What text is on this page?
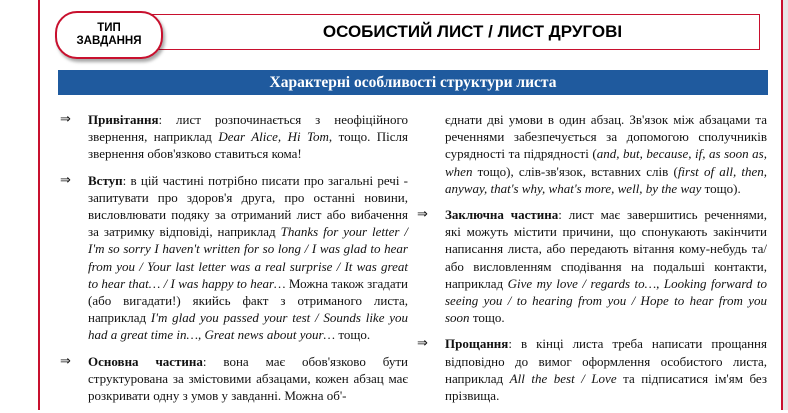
ОСОБИСТИЙ ЛИСТ / ЛИСТ ДРУГОВІ
ТИП
ЗАВДАННЯ
Характерні особливості структури листа
⇒ Привітання: лист розпочинається з неофіційного звернення, наприклад Dear Alice, Hi Tom, тощо. Після звернення обов'язково ставиться кома!
⇒ Вступ: в цій частині потрібно писати про загальні речі - запитувати про здоров'я друга, про останні новини, висловлювати подяку за отриманий лист або вибачення за затримку відповіді, наприклад Thanks for your letter / I'm so sorry I haven't written for so long / I was glad to hear from you / Your last letter was a real surprise / It was great to hear that… / I was happy to hear… Можна також згадати (або вигадати!) якийсь факт з отриманого листа, наприклад I'm glad you passed your test / Sounds like you had a great time in…, Great news about your… тощо.
⇒ Основна частина: вона має обов'язково бути структурована за змістовими абзацами, кожен абзац має розкривати одну з умов у завданні. Можна об'-
єднати дві умови в один абзац. Зв'язок між абзацами та реченнями забезпечується за допомогою сполучників сурядності та підрядності (and, but, because, if, as soon as, when тощо), слів-зв'язок, вставних слів (first of all, then, anyway, that's why, what's more, well, by the way тощо).
⇒ Заключна частина: лист має завершитись реченнями, які можуть містити причини, що спонукають закінчити написання листа, або передають вітання кому-небудь та/або висловленням сподівання на подальші контакти, наприклад Give my love / regards to…, Looking forward to seeing you / to hearing from you / Hope to hear from you soon тощо.
⇒ Прощання: в кінці листа треба написати прощання відповідно до вимог оформлення особистого листа, наприклад All the best / Love та підписатися ім'ям без прізвища.
